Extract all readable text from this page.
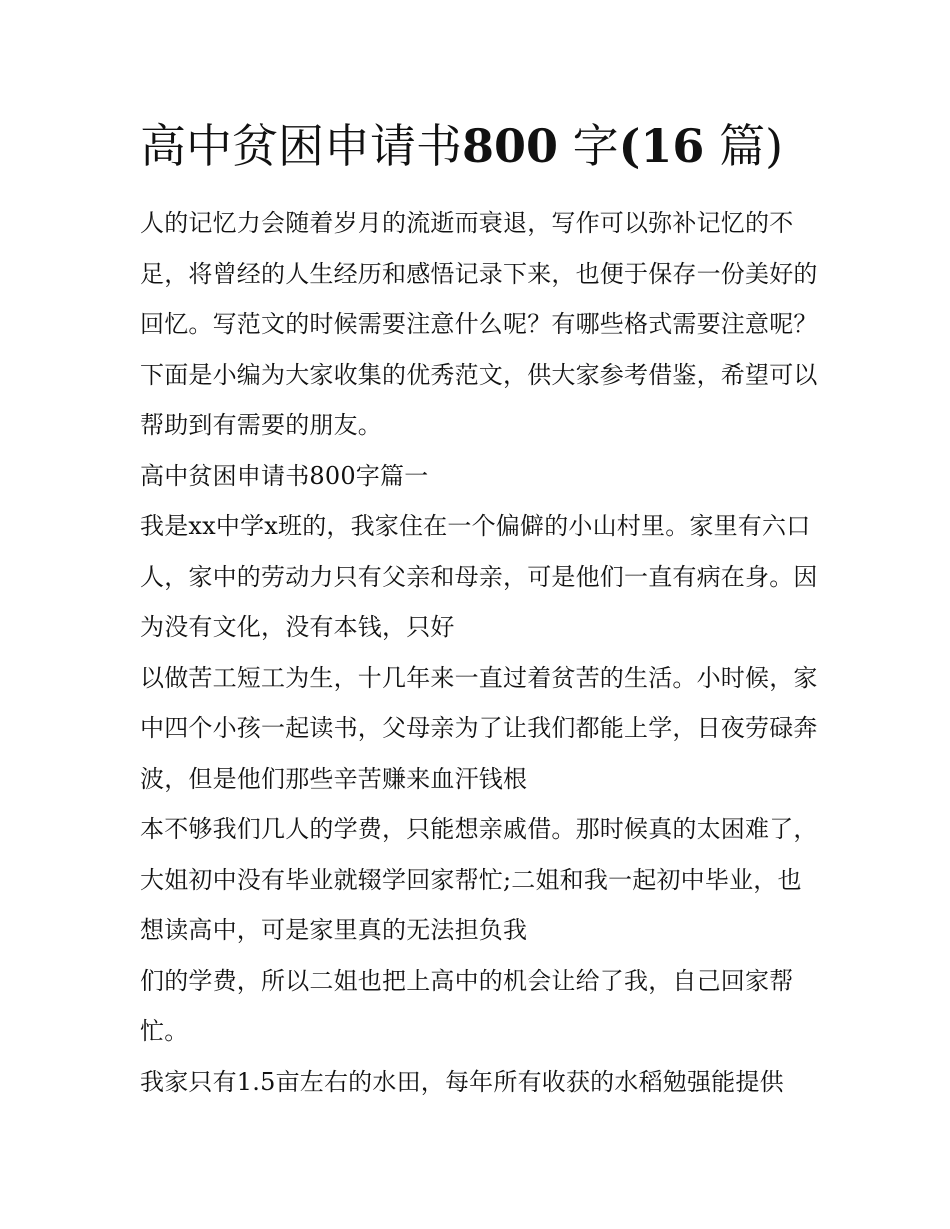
高中贫困申请书800 字(16 篇)

人的记忆力会随着岁月的流逝而衰退，写作可以弥补记忆的不足，将曾经的人生经历和感悟记录下来，也便于保存一份美好的回忆。写范文的时候需要注意什么呢？有哪些格式需要注意呢？下面是小编为大家收集的优秀范文，供大家参考借鉴，希望可以帮助到有需要的朋友。

高中贫困申请书800字篇一

我是xx中学x班的，我家住在一个偏僻的小山村里。家里有六口人，家中的劳动力只有父亲和母亲，可是他们一直有病在身。因为没有文化，没有本钱，只好

以做苦工短工为生，十几年来一直过着贫苦的生活。小时候，家中四个小孩一起读书，父母亲为了让我们都能上学，日夜劳碌奔波，但是他们那些辛苦赚来血汗钱根

本不够我们几人的学费，只能想亲戚借。那时候真的太困难了，大姐初中没有毕业就辍学回家帮忙;二姐和我一起初中毕业，也想读高中，可是家里真的无法担负我

们的学费，所以二姐也把上高中的机会让给了我，自己回家帮忙。

我家只有1.5亩左右的水田，每年所有收获的水稻勉强能提供
